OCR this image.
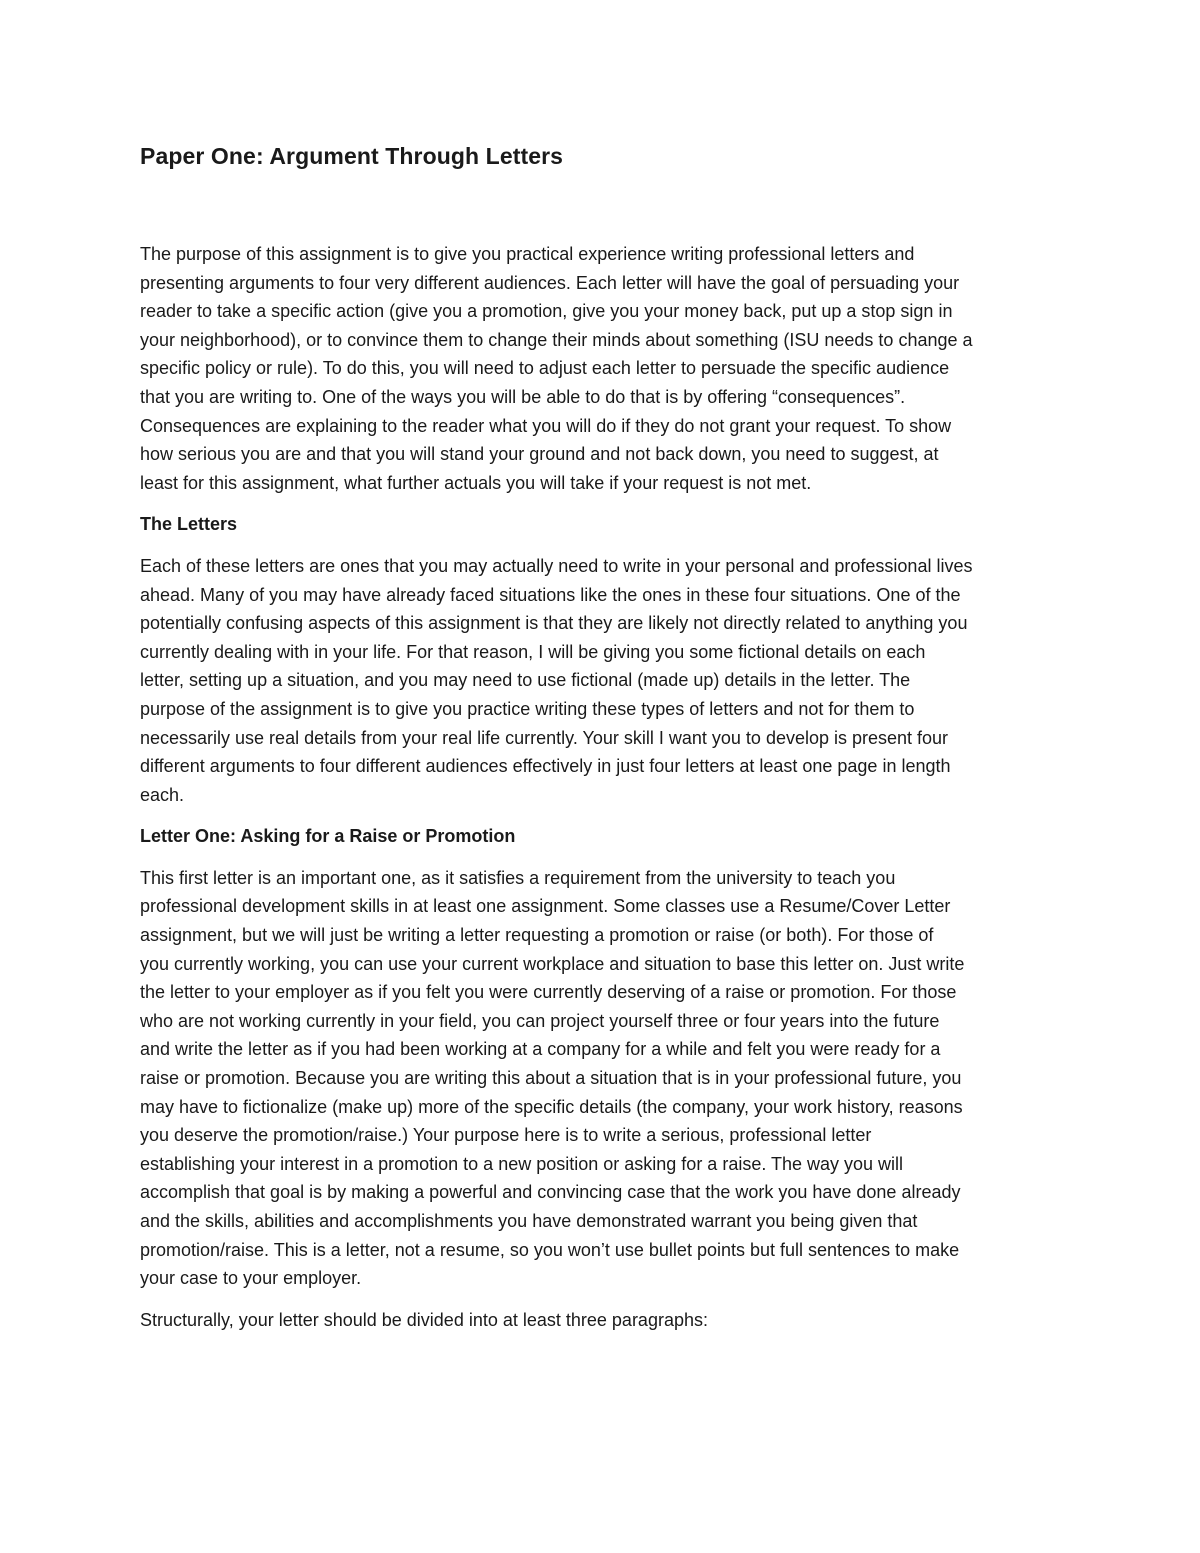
Paper One: Argument Through Letters

The purpose of this assignment is to give you practical experience writing professional letters and
presenting arguments to four very different audiences. Each letter will have the goal of persuading your
reader to take a specific action (give you a promotion, give you your money back, put up a stop sign in
your neighborhood), or to convince them to change their minds about something (ISU needs to change a
specific policy or rule). To do this, you will need to adjust each letter to persuade the specific audience
that you are writing to. One of the ways you will be able to do that is by offering “consequences”.
Consequences are explaining to the reader what you will do if they do not grant your request. To show
how serious you are and that you will stand your ground and not back down, you need to suggest, at
least for this assignment, what further actuals you will take if your request is not met.

The Letters

Each of these letters are ones that you may actually need to write in your personal and professional lives
ahead. Many of you may have already faced situations like the ones in these four situations. One of the
potentially confusing aspects of this assignment is that they are likely not directly related to anything you
currently dealing with in your life. For that reason, I will be giving you some fictional details on each
letter, setting up a situation, and you may need to use fictional (made up) details in the letter. The
purpose of the assignment is to give you practice writing these types of letters and not for them to
necessarily use real details from your real life currently. Your skill I want you to develop is present four
different arguments to four different audiences effectively in just four letters at least one page in length
each.

Letter One: Asking for a Raise or Promotion

This first letter is an important one, as it satisfies a requirement from the university to teach you
professional development skills in at least one assignment. Some classes use a Resume/Cover Letter
assignment, but we will just be writing a letter requesting a promotion or raise (or both). For those of
you currently working, you can use your current workplace and situation to base this letter on. Just write
the letter to your employer as if you felt you were currently deserving of a raise or promotion. For those
who are not working currently in your field, you can project yourself three or four years into the future
and write the letter as if you had been working at a company for a while and felt you were ready for a
raise or promotion. Because you are writing this about a situation that is in your professional future, you
may have to fictionalize (make up) more of the specific details (the company, your work history, reasons
you deserve the promotion/raise.) Your purpose here is to write a serious, professional letter
establishing your interest in a promotion to a new position or asking for a raise. The way you will
accomplish that goal is by making a powerful and convincing case that the work you have done already
and the skills, abilities and accomplishments you have demonstrated warrant you being given that
promotion/raise. This is a letter, not a resume, so you won’t use bullet points but full sentences to make
your case to your employer.

Structurally, your letter should be divided into at least three paragraphs:
